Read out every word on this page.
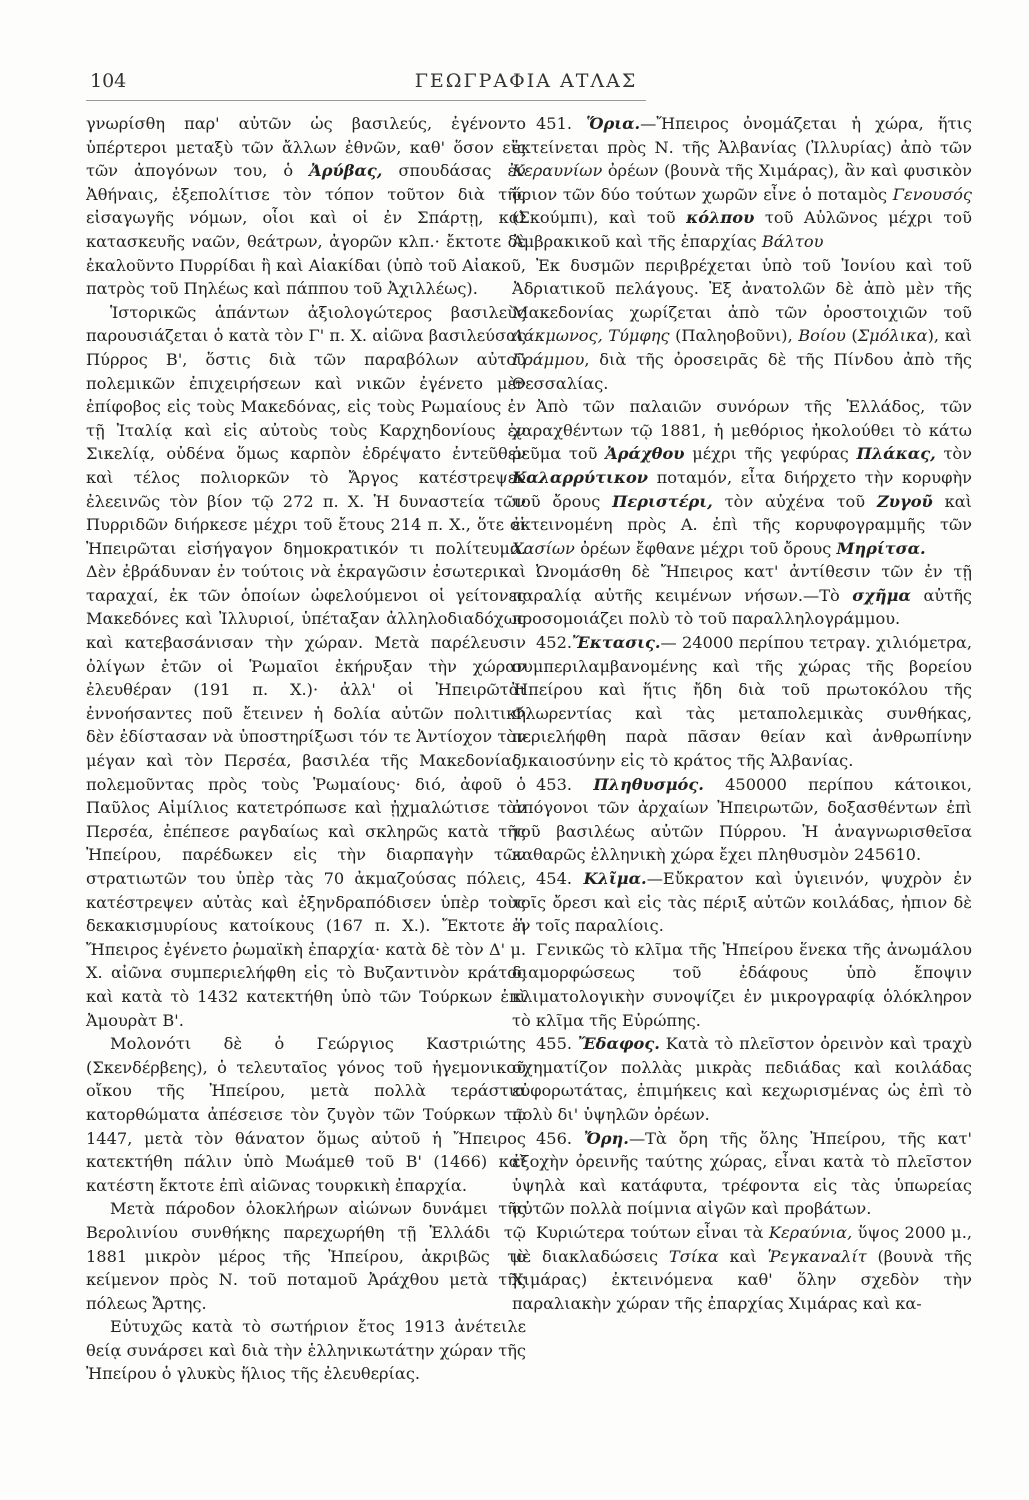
104	ΓΕΩΓΡΑΦΙΑ ΑΤΛΑΣ

γνωρίσθη παρ' αὐτῶν ὡς βασιλεύς, ἐγένοντο ὑπέρτεροι μεταξὺ τῶν ἄλλων ἐθνῶν, καθ' ὅσον εἰς τῶν ἀπογόνων του, ὁ Ἀρύβας, σπουδάσας ἐν Ἀθήναις, ἐξεπολίτισε τὸν τόπον τοῦτον διὰ τῆς εἰσαγωγῆς νόμων, οἷοι καὶ οἱ ἐν Σπάρτῃ, καὶ κατασκευῆς ναῶν, θεάτρων, ἀγορῶν κλπ.· ἔκτοτε δὲ ἐκαλοῦντο Πυρρίδαι ἢ καὶ Αἰακίδαι (ὑπὸ τοῦ Αἰακοῦ, πατρὸς τοῦ Πηλέως καὶ πάππου τοῦ Ἀχιλλέως).

Ἱστορικῶς ἁπάντων ἀξιολογώτερος βασιλεὺς παρουσιάζεται ὁ κατὰ τὸν Γ' π. Χ. αἰῶνα βασιλεύσας Πύρρος Β', ὅστις διὰ τῶν παραβόλων αὐτοῦ πολεμικῶν ἐπιχειρήσεων καὶ νικῶν ἐγένετο μὲν ἐπίφοβος εἰς τοὺς Μακεδόνας, εἰς τοὺς Ρωμαίους ἐν τῇ Ἰταλίᾳ καὶ εἰς αὐτοὺς τοὺς Καρχηδονίους ἐν Σικελίᾳ, οὐδένα ὅμως καρπὸν ἐδρέψατο ἐντεῦθεν καὶ τέλος πολιορκῶν τὸ Ἄργος κατέστρεψεν ἐλεεινῶς τὸν βίον τῷ 272 π. Χ. Ἡ δυναστεία τῶν Πυρριδῶν διήρκεσε μέχρι τοῦ ἔτους 214 π. Χ., ὅτε οἱ Ἠπειρῶται εἰσήγαγον δημοκρατικόν τι πολίτευμα. Δὲν ἐβράδυναν ἐν τούτοις νὰ ἐκραγῶσιν ἐσωτερικαὶ ταραχαί, ἐκ τῶν ὁποίων ὠφελούμενοι οἱ γείτονες Μακεδόνες καὶ Ἰλλυριοί, ὑπέταξαν ἀλληλοδιαδόχως καὶ κατεβασάνισαν τὴν χώραν. Μετὰ παρέλευσιν ὀλίγων ἐτῶν οἱ Ῥωμαῖοι ἐκήρυξαν τὴν χώραν ἐλευθέραν (191 π. Χ.)· ἀλλ' οἱ Ἠπειρῶται ἐννοήσαντες ποῦ ἔτεινεν ἡ δολία αὐτῶν πολιτική δὲν ἐδίστασαν νὰ ὑποστηρίξωσι τόν τε Ἀντίοχον τὸν μέγαν καὶ τὸν Περσέα, βασιλέα τῆς Μακεδονίας, πολεμοῦντας πρὸς τοὺς Ῥωμαίους· διό, ἀφοῦ ὁ Παῦλος Αἰμίλιος κατετρόπωσε καὶ ᾐχμαλώτισε τὸν Περσέα, ἐπέπεσε ραγδαίως καὶ σκληρῶς κατὰ τῆς Ἠπείρου, παρέδωκεν εἰς τὴν διαρπαγὴν τῶν στρατιωτῶν του ὑπὲρ τὰς 70 ἀκμαζούσας πόλεις, κατέστρεψεν αὐτὰς καὶ ἐξηνδραπόδισεν ὑπὲρ τοὺς δεκακισμυρίους κατοίκους (167 π. Χ.). Ἔκτοτε ἡ Ἤπειρος ἐγένετο ῥωμαϊκὴ ἐπαρχία· κατὰ δὲ τὸν Δ' μ. Χ. αἰῶνα συμπεριελήφθη εἰς τὸ Βυζαντινὸν κράτος καὶ κατὰ τὸ 1432 κατεκτήθη ὑπὸ τῶν Τούρκων ἐπὶ Ἀμουρὰτ Β'.

Μολονότι δὲ ὁ Γεώργιος Καστριώτης (Σκενδέρβεης), ὁ τελευταῖος γόνος τοῦ ἡγεμονικοῦ οἴκου τῆς Ἠπείρου, μετὰ πολλὰ τεράστια κατορθώματα ἀπέσεισε τὸν ζυγὸν τῶν Τούρκων τῷ 1447, μετὰ τὸν θάνατον ὅμως αὐτοῦ ἡ Ἤπειρος κατεκτήθη πάλιν ὑπὸ Μωάμεθ τοῦ Β' (1466) καὶ κατέστη ἔκτοτε ἐπὶ αἰῶνας τουρκικὴ ἐπαρχία.

Μετὰ πάροδον ὁλοκλήρων αἰώνων δυνάμει τῆς Βερολινίου συνθήκης παρεχωρήθη τῇ Ἑλλάδι τῷ 1881 μικρὸν μέρος τῆς Ἠπείρου, ἀκριβῶς τὸ κείμενον πρὸς Ν. τοῦ ποταμοῦ Ἀράχθου μετὰ τῆς πόλεως Ἄρτης.

Εὐτυχῶς κατὰ τὸ σωτήριον ἔτος 1913 ἀνέτειλε θείᾳ συνάρσει καὶ διὰ τὴν ἑλληνικωτάτην χώραν τῆς Ἠπείρου ὁ γλυκὺς ἥλιος τῆς ἐλευθερίας.

451. Ὅρια.—Ἤπειρος ὀνομάζεται ἡ χώρα, ἥτις ἐκτείνεται πρὸς Ν. τῆς Ἀλβανίας (Ἰλλυρίας) ἀπὸ τῶν Κεραυνίων ὀρέων (βουνὰ τῆς Χιμάρας), ἂν καὶ φυσικὸν ὅριον τῶν δύο τούτων χωρῶν εἶνε ὁ ποταμὸς Γενουσός (Σκούμπι), καὶ τοῦ κόλπου τοῦ Αὐλῶνος μέχρι τοῦ Ἀμβρακικοῦ καὶ τῆς ἐπαρχίας Βάλτου

Ἐκ δυσμῶν περιβρέχεται ὑπὸ τοῦ Ἰονίου καὶ τοῦ Ἀδριατικοῦ πελάγους. Ἐξ ἀνατολῶν δὲ ἀπὸ μὲν τῆς Μακεδονίας χωρίζεται ἀπὸ τῶν ὀροστοιχιῶν τοῦ Λάκμωνος, Τύμφης (Παληοβοῦνι), Βοίου (Σμόλικα), καὶ Γράμμου, διὰ τῆς ὀροσειρᾶς δὲ τῆς Πίνδου ἀπὸ τῆς Θεσσαλίας.

Ἀπὸ τῶν παλαιῶν συνόρων τῆς Ἑλλάδος, τῶν χαραχθέντων τῷ 1881, ἡ μεθόριος ἠκολούθει τὸ κάτω ῥεῦμα τοῦ Ἀράχθου μέχρι τῆς γεφύρας Πλάκας, τὸν Καλαρρύτικον ποταμόν, εἶτα διήρχετο τὴν κορυφὴν τοῦ ὄρους Περιστέρι, τὸν αὐχένα τοῦ Ζυγοῦ καὶ ἐκτεινομένη πρὸς Α. ἐπὶ τῆς κορυφογραμμῆς τῶν Χασίων ὀρέων ἔφθανε μέχρι τοῦ ὄρους Μηρίτσα.

Ὠνομάσθη δὲ Ἤπειρος κατ' ἀντίθεσιν τῶν ἐν τῇ παραλίᾳ αὐτῆς κειμένων νήσων.—Τὸ σχῆμα αὐτῆς προσομοιάζει πολὺ τὸ τοῦ παραλληλογράμμου.

452.Ἔκτασις.— 24000 περίπου τετραγ. χιλιόμετρα, συμπεριλαμβανομένης καὶ τῆς χώρας τῆς βορείου Ἠπείρου καὶ ἥτις ἤδη διὰ τοῦ πρωτοκόλου τῆς Φλωρεντίας καὶ τὰς μεταπολεμικὰς συνθήκας, περιελήφθη παρὰ πᾶσαν θείαν καὶ ἀνθρωπίνην δικαιοσύνην εἰς τὸ κράτος τῆς Ἀλβανίας.

453. Πληθυσμός. 450000 περίπου κάτοικοι, ἀπόγονοι τῶν ἀρχαίων Ἠπειρωτῶν, δοξασθέντων ἐπὶ τοῦ βασιλέως αὐτῶν Πύρρου. Ἡ ἀναγνωρισθεῖσα καθαρῶς ἑλληνικὴ χώρα ἔχει πληθυσμὸν 245610.

454. Κλῖμα.—Εὔκρατον καὶ ὑγιεινόν, ψυχρὸν ἐν τοῖς ὄρεσι καὶ εἰς τὰς πέριξ αὐτῶν κοιλάδας, ἠπιον δὲ ἐν τοῖς παραλίοις.

Γενικῶς τὸ κλῖμα τῆς Ἠπείρου ἕνεκα τῆς ἀνωμάλου διαμορφώσεως τοῦ ἐδάφους ὑπὸ ἔποψιν κλιματολογικὴν συνοψίζει ἐν μικρογραφίᾳ ὁλόκληρον τὸ κλῖμα τῆς Εὐρώπης.

455. Ἔδαφος. Κατὰ τὸ πλεῖστον ὀρεινὸν καὶ τραχὺ σχηματίζον πολλὰς μικρὰς πεδιάδας καὶ κοιλάδας εὐφορωτάτας, ἐπιμήκεις καὶ κεχωρισμένας ὡς ἐπὶ τὸ πολὺ δι' ὑψηλῶν ὀρέων.

456. Ὄρη.—Τὰ ὄρη τῆς ὅλης Ἠπείρου, τῆς κατ' ἐξοχὴν ὀρεινῆς ταύτης χώρας, εἶναι κατὰ τὸ πλεῖστον ὑψηλὰ καὶ κατάφυτα, τρέφοντα εἰς τὰς ὑπωρείας αὐτῶν πολλὰ ποίμνια αἰγῶν καὶ προβάτων.

Κυριώτερα τούτων εἶναι τὰ Κεραύνια, ὕψος 2000 μ., μὲ διακλαδώσεις Τσίκα καὶ Ῥεγκαναλίτ (βουνὰ τῆς Χιμάρας) ἐκτεινόμενα καθ' ὅλην σχεδὸν τὴν παραλιακὴν χώραν τῆς ἐπαρχίας Χιμάρας καὶ κα-
